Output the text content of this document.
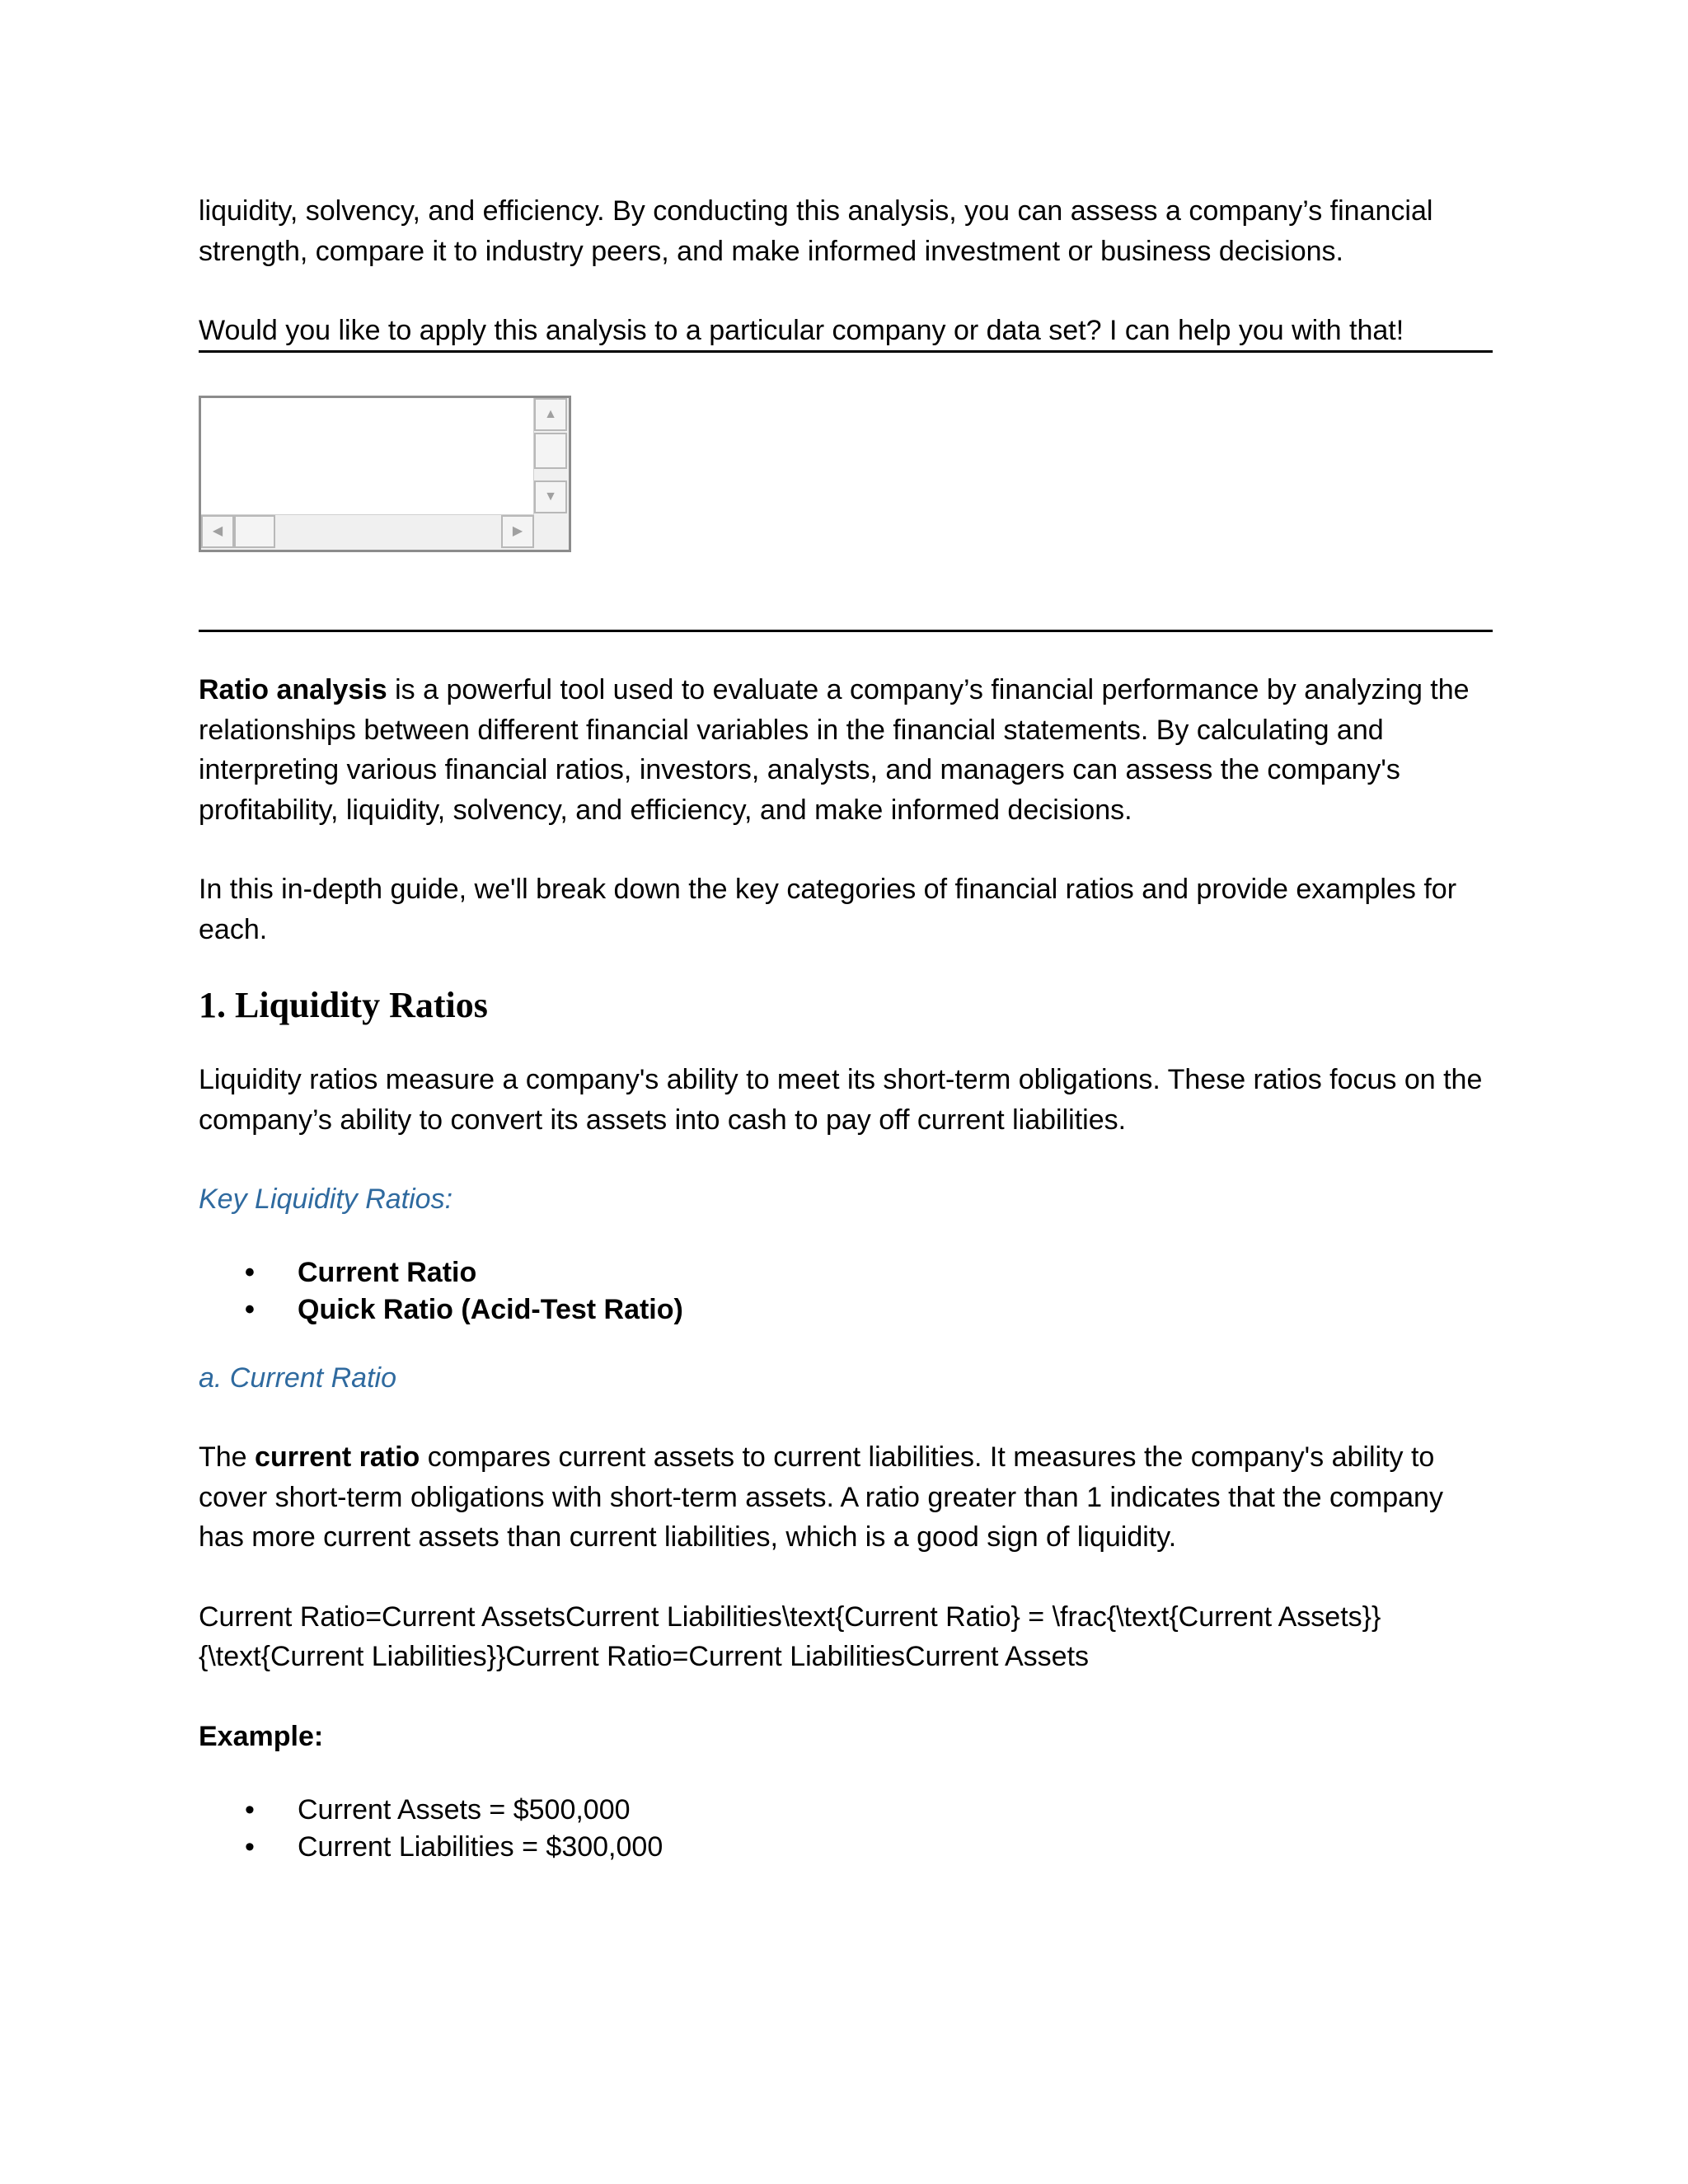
liquidity, solvency, and efficiency. By conducting this analysis, you can assess a company’s financial strength, compare it to industry peers, and make informed investment or business decisions.

Would you like to apply this analysis to a particular company or data set? I can help you with that!

▲
▼
◀	▶

Ratio analysis is a powerful tool used to evaluate a company’s financial performance by analyzing the relationships between different financial variables in the financial statements. By calculating and interpreting various financial ratios, investors, analysts, and managers can assess the company's profitability, liquidity, solvency, and efficiency, and make informed decisions.

In this in-depth guide, we'll break down the key categories of financial ratios and provide examples for each.

1. Liquidity Ratios

Liquidity ratios measure a company's ability to meet its short-term obligations. These ratios focus on the company’s ability to convert its assets into cash to pay off current liabilities.

Key Liquidity Ratios:

• Current Ratio
• Quick Ratio (Acid-Test Ratio)

a. Current Ratio

The current ratio compares current assets to current liabilities. It measures the company's ability to cover short-term obligations with short-term assets. A ratio greater than 1 indicates that the company has more current assets than current liabilities, which is a good sign of liquidity.

Current Ratio=Current AssetsCurrent Liabilities\text{Current Ratio} = \frac{\text{Current Assets}}{\text{Current Liabilities}}Current Ratio=Current LiabilitiesCurrent Assets

Example:

• Current Assets = $500,000
• Current Liabilities = $300,000
